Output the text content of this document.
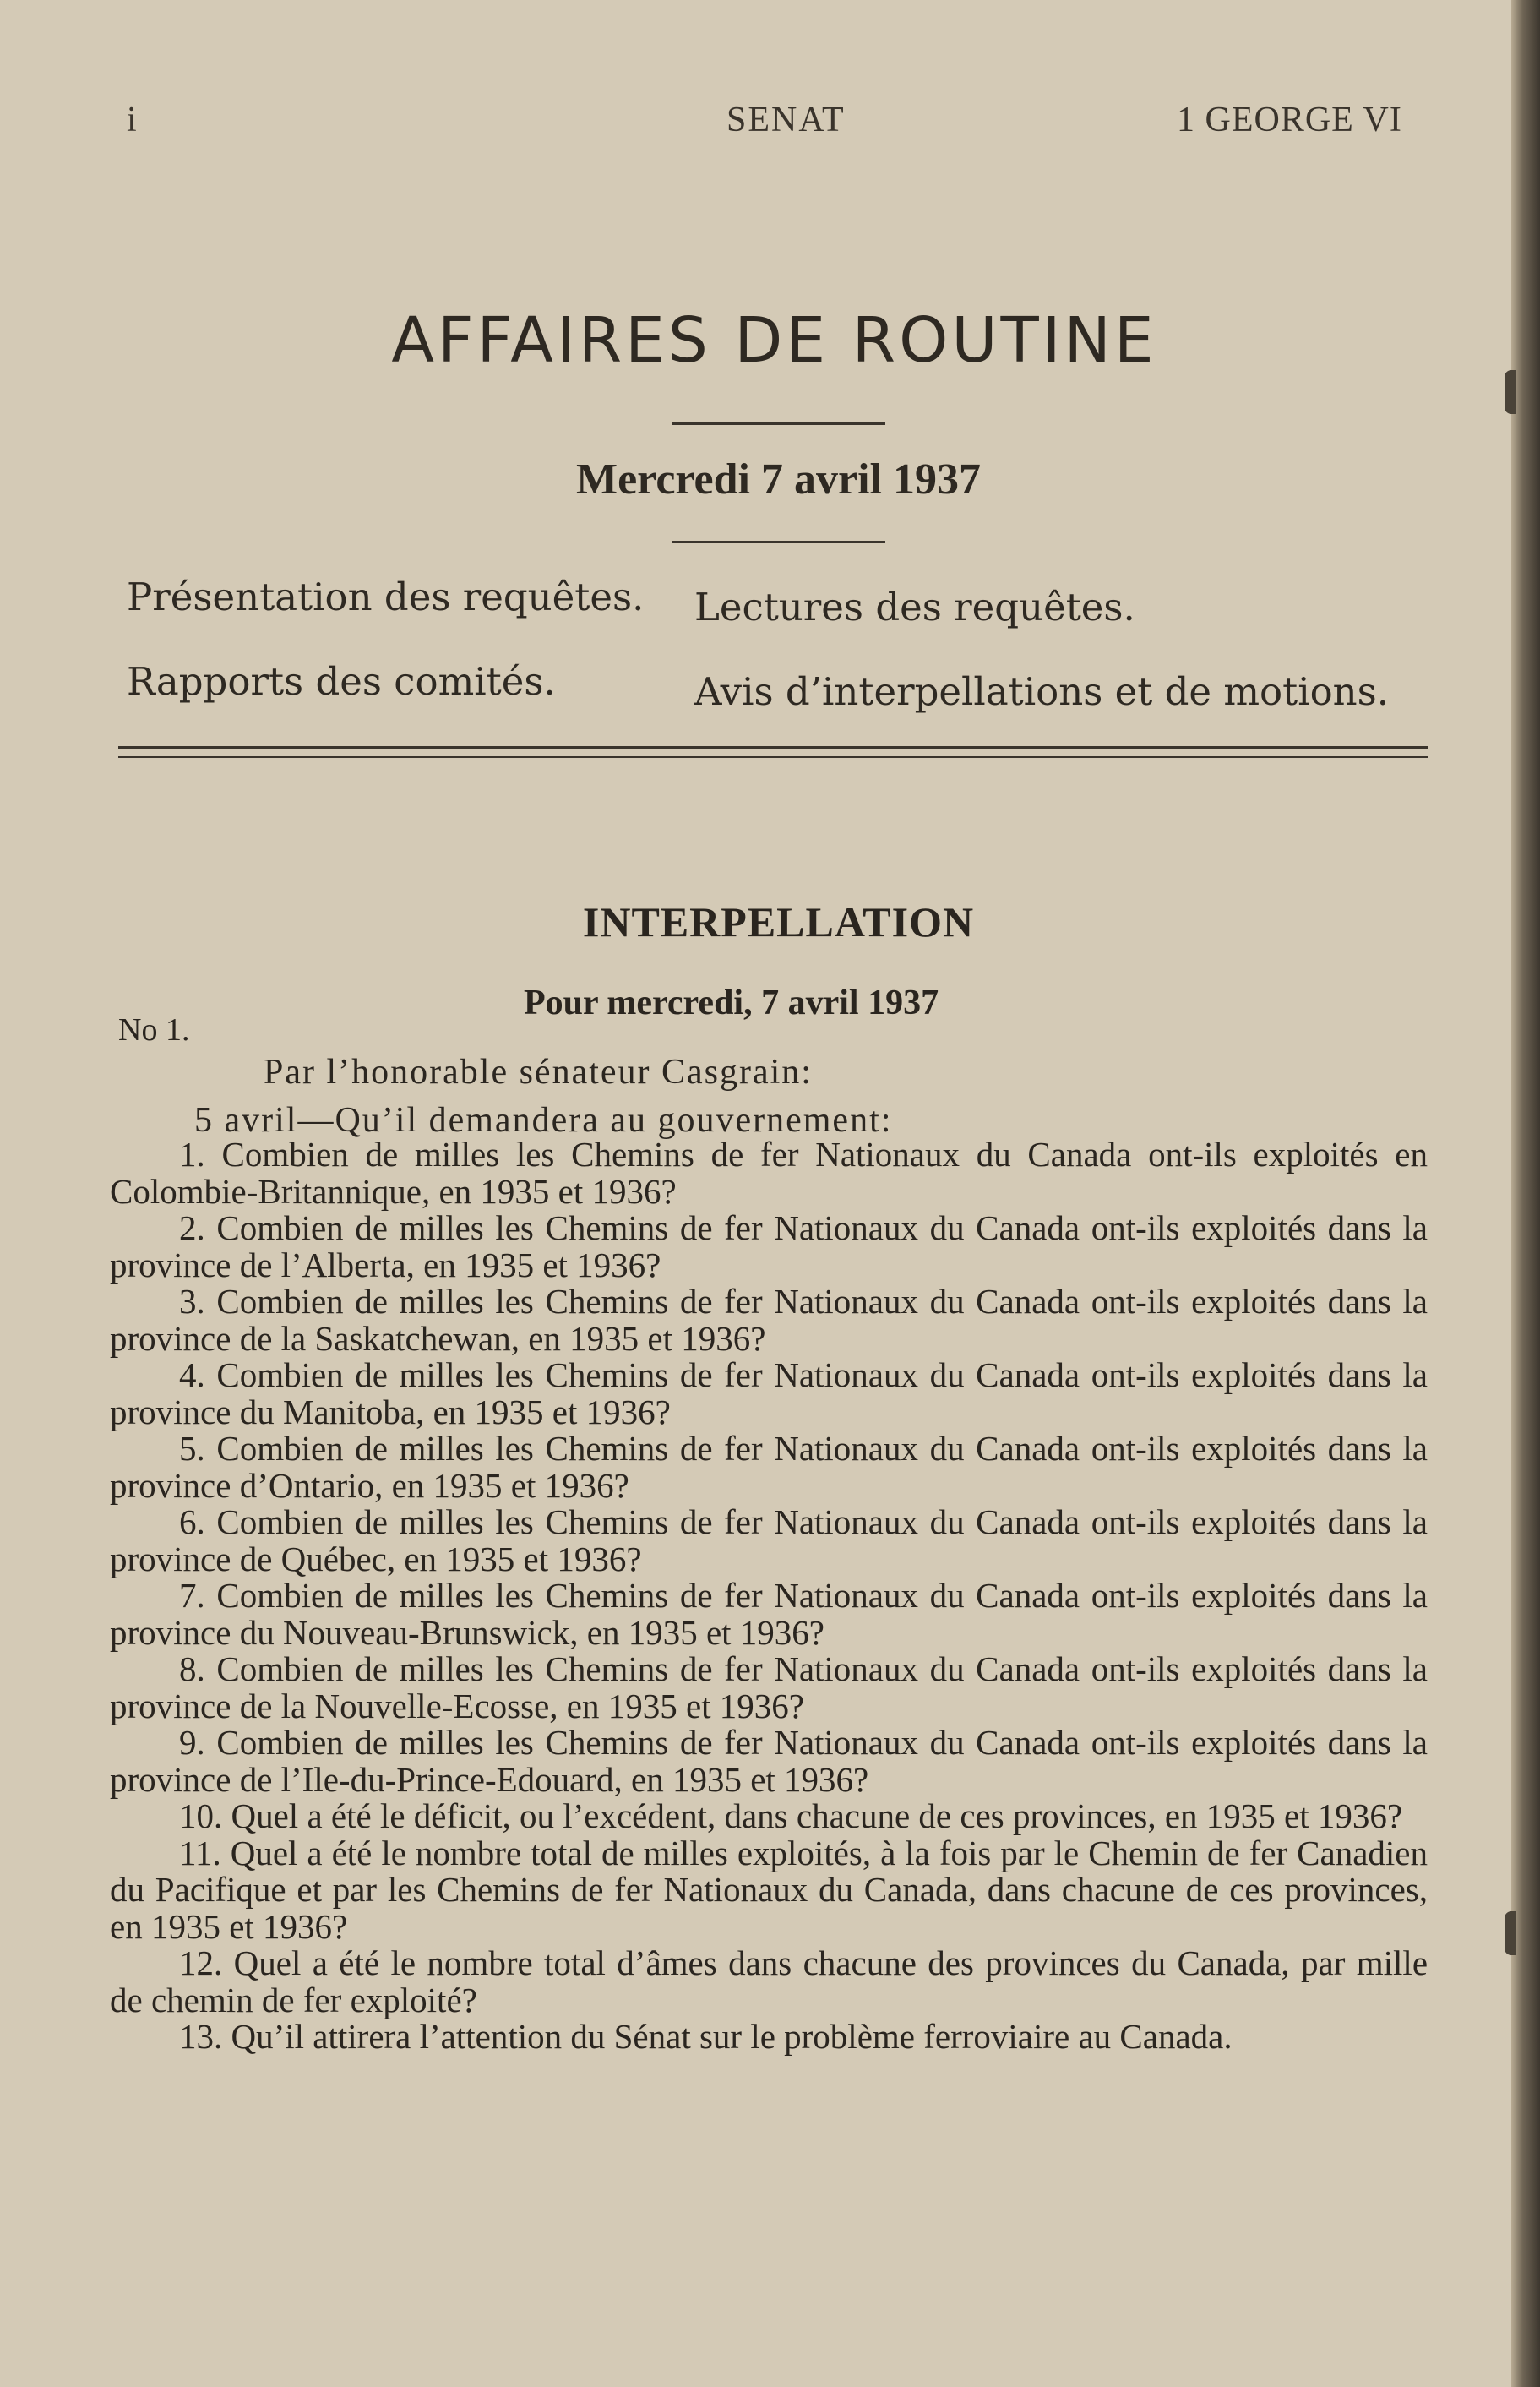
i	SENAT	1 GEORGE VI
AFFAIRES DE ROUTINE
Mercredi 7 avril 1937
Présentation des requêtes. Lectures des requêtes.
Rapports des comités.	Avis d’interpellations et de motions.
INTERPELLATION
Pour mercredi, 7 avril 1937
No 1.
Par l’honorable sénateur Casgrain:
5 avril—Qu’il demandera au gouvernement:

1. Combien de milles les Chemins de fer Nationaux du Canada ont-ils exploités en Colombie-Britannique, en 1935 et 1936?

2. Combien de milles les Chemins de fer Nationaux du Canada ont-ils exploités dans la province de l’Alberta, en 1935 et 1936?

3. Combien de milles les Chemins de fer Nationaux du Canada ont-ils exploités dans la province de la Saskatchewan, en 1935 et 1936?

4. Combien de milles les Chemins de fer Nationaux du Canada ont-ils exploités dans la province du Manitoba, en 1935 et 1936?

5. Combien de milles les Chemins de fer Nationaux du Canada ont-ils exploités dans la province d’Ontario, en 1935 et 1936?

6. Combien de milles les Chemins de fer Nationaux du Canada ont-ils exploités dans la province de Québec, en 1935 et 1936?

7. Combien de milles les Chemins de fer Nationaux du Canada ont-ils exploités dans la province du Nouveau-Brunswick, en 1935 et 1936?

8. Combien de milles les Chemins de fer Nationaux du Canada ont-ils exploités dans la province de la Nouvelle-Ecosse, en 1935 et 1936?

9. Combien de milles les Chemins de fer Nationaux du Canada ont-ils exploités dans la province de l’Ile-du-Prince-Edouard, en 1935 et 1936?

10. Quel a été le déficit, ou l’excédent, dans chacune de ces provinces, en 1935 et 1936?

11. Quel a été le nombre total de milles exploités, à la fois par le Chemin de fer Canadien du Pacifique et par les Chemins de fer Nationaux du Canada, dans chacune de ces provinces, en 1935 et 1936?

12. Quel a été le nombre total d’âmes dans chacune des provinces du Canada, par mille de chemin de fer exploité?

13. Qu’il attirera l’attention du Sénat sur le problème ferroviaire au Canada.
